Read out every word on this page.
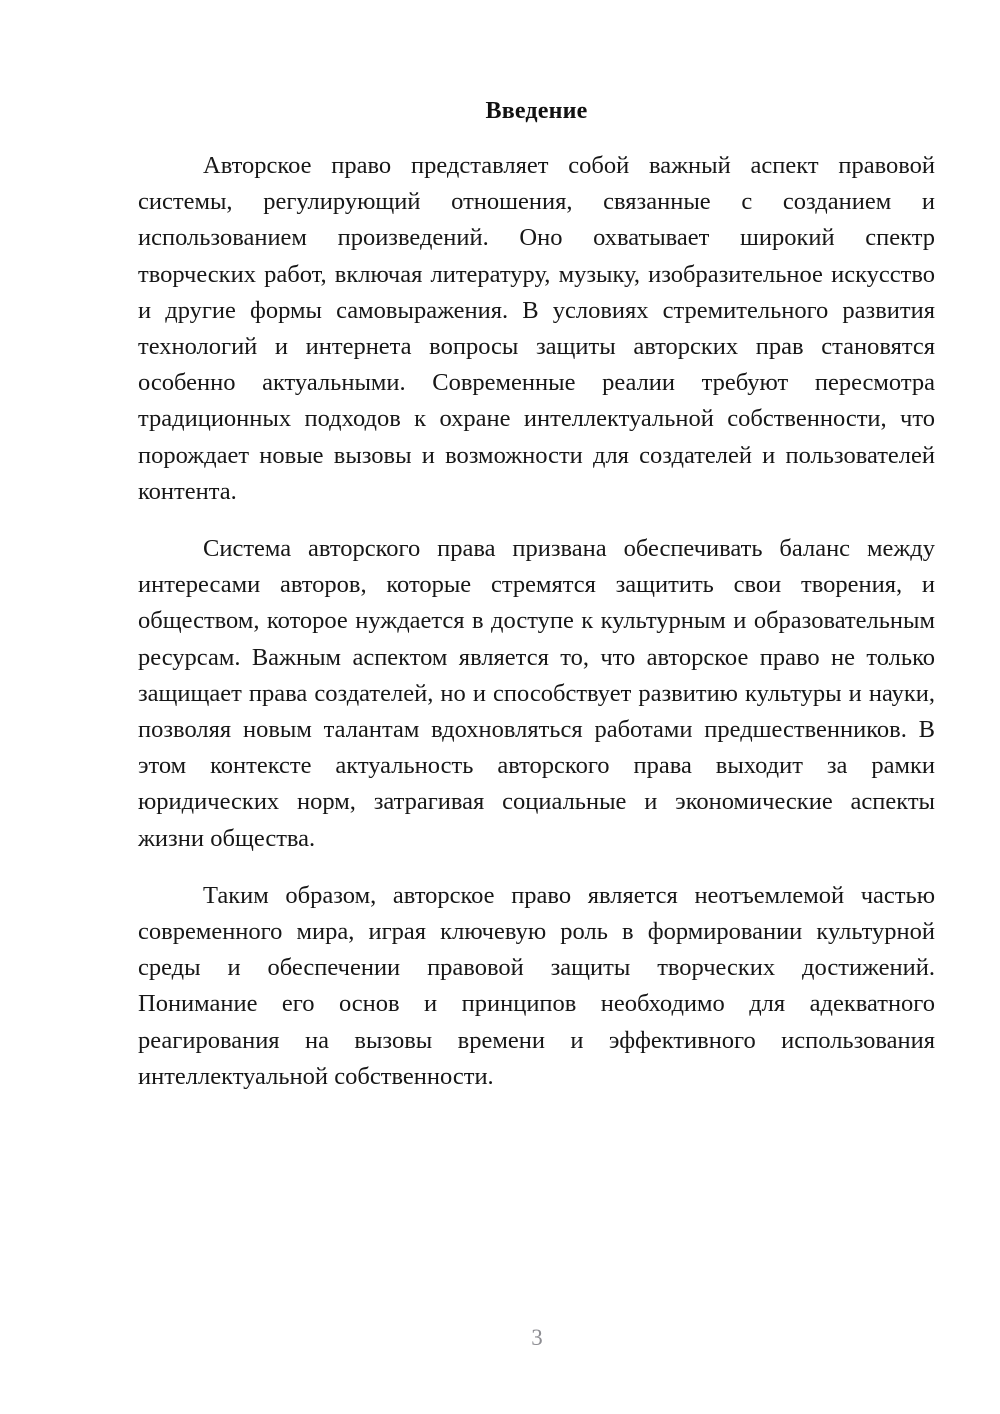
Введение

Авторское право представляет собой важный аспект правовой системы, регулирующий отношения, связанные с созданием и использованием произведений. Оно охватывает широкий спектр творческих работ, включая литературу, музыку, изобразительное искусство и другие формы самовыражения. В условиях стремительного развития технологий и интернета вопросы защиты авторских прав становятся особенно актуальными. Современные реалии требуют пересмотра традиционных подходов к охране интеллектуальной собственности, что порождает новые вызовы и возможности для создателей и пользователей контента.

Система авторского права призвана обеспечивать баланс между интересами авторов, которые стремятся защитить свои творения, и обществом, которое нуждается в доступе к культурным и образовательным ресурсам. Важным аспектом является то, что авторское право не только защищает права создателей, но и способствует развитию культуры и науки, позволяя новым талантам вдохновляться работами предшественников. В этом контексте актуальность авторского права выходит за рамки юридических норм, затрагивая социальные и экономические аспекты жизни общества.

Таким образом, авторское право является неотъемлемой частью современного мира, играя ключевую роль в формировании культурной среды и обеспечении правовой защиты творческих достижений. Понимание его основ и принципов необходимо для адекватного реагирования на вызовы времени и эффективного использования интеллектуальной собственности.

3
